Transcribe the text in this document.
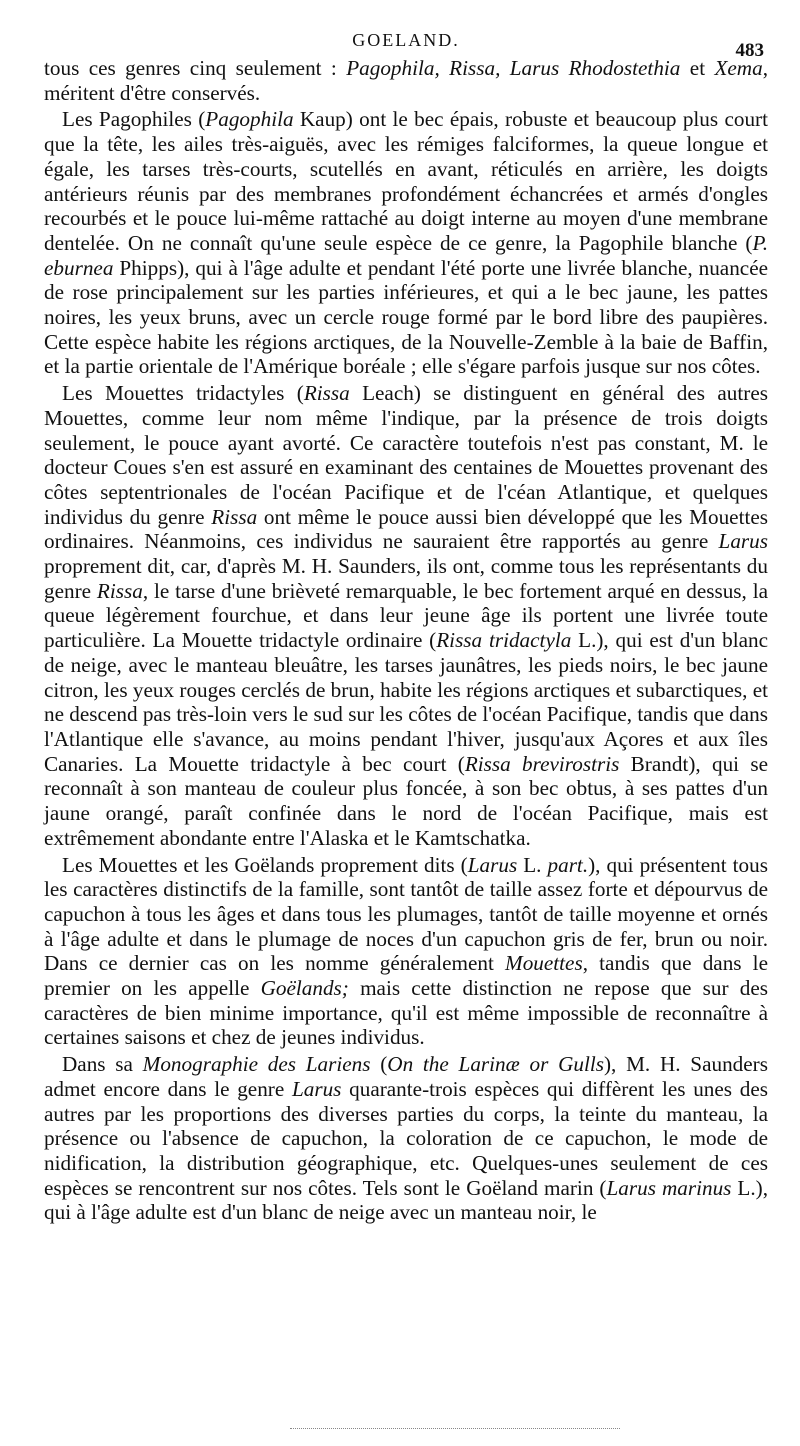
GOELAND.	483

tous ces genres cinq seulement : Pagophila, Rissa, Larus Rhodostethia et Xema, méritent d'être conservés.

Les Pagophiles (Pagophila Kaup) ont le bec épais, robuste et beaucoup plus court que la tête, les ailes très-aiguës, avec les rémiges falciformes, la queue longue et égale, les tarses très-courts, scutellés en avant, réticulés en arrière, les doigts antérieurs réunis par des membranes profondément échancrées et armés d'ongles recourbés et le pouce lui-même rattaché au doigt interne au moyen d'une membrane dentelée. On ne connaît qu'une seule espèce de ce genre, la Pagophile blanche (P. eburnea Phipps), qui à l'âge adulte et pendant l'été porte une livrée blanche, nuancée de rose principalement sur les parties inférieures, et qui a le bec jaune, les pattes noires, les yeux bruns, avec un cercle rouge formé par le bord libre des paupières. Cette espèce habite les régions arctiques, de la Nouvelle-Zemble à la baie de Baffin, et la partie orientale de l'Amérique boréale ; elle s'égare parfois jusque sur nos côtes.

Les Mouettes tridactyles (Rissa Leach) se distinguent en général des autres Mouettes, comme leur nom même l'indique, par la présence de trois doigts seulement, le pouce ayant avorté. Ce caractère toutefois n'est pas constant, M. le docteur Coues s'en est assuré en examinant des centaines de Mouettes provenant des côtes septentrionales de l'océan Pacifique et de l'céan Atlantique, et quelques individus du genre Rissa ont même le pouce aussi bien développé que les Mouettes ordinaires. Néanmoins, ces individus ne sauraient être rapportés au genre Larus proprement dit, car, d'après M. H. Saunders, ils ont, comme tous les représentants du genre Rissa, le tarse d'une brièveté remarquable, le bec fortement arqué en dessus, la queue légèrement fourchue, et dans leur jeune âge ils portent une livrée toute particulière. La Mouette tridactyle ordinaire (Rissa tridactyla L.), qui est d'un blanc de neige, avec le manteau bleuâtre, les tarses jaunâtres, les pieds noirs, le bec jaune citron, les yeux rouges cerclés de brun, habite les régions arctiques et subarctiques, et ne descend pas très-loin vers le sud sur les côtes de l'océan Pacifique, tandis que dans l'Atlantique elle s'avance, au moins pendant l'hiver, jusqu'aux Açores et aux îles Canaries. La Mouette tridactyle à bec court (Rissa brevirostris Brandt), qui se reconnaît à son manteau de couleur plus foncée, à son bec obtus, à ses pattes d'un jaune orangé, paraît confinée dans le nord de l'océan Pacifique, mais est extrêmement abondante entre l'Alaska et le Kamtschatka.

Les Mouettes et les Goëlands proprement dits (Larus L. part.), qui présentent tous les caractères distinctifs de la famille, sont tantôt de taille assez forte et dépourvus de capuchon à tous les âges et dans tous les plumages, tantôt de taille moyenne et ornés à l'âge adulte et dans le plumage de noces d'un capuchon gris de fer, brun ou noir. Dans ce dernier cas on les nomme généralement Mouettes, tandis que dans le premier on les appelle Goëlands; mais cette distinction ne repose que sur des caractères de bien minime importance, qu'il est même impossible de reconnaître à certaines saisons et chez de jeunes individus.

Dans sa Monographie des Lariens (On the Larinæ or Gulls), M. H. Saunders admet encore dans le genre Larus quarante-trois espèces qui diffèrent les unes des autres par les proportions des diverses parties du corps, la teinte du manteau, la présence ou l'absence de capuchon, la coloration de ce capuchon, le mode de nidification, la distribution géographique, etc. Quelques-unes seulement de ces espèces se rencontrent sur nos côtes. Tels sont le Goëland marin (Larus marinus L.), qui à l'âge adulte est d'un blanc de neige avec un manteau noir, le
